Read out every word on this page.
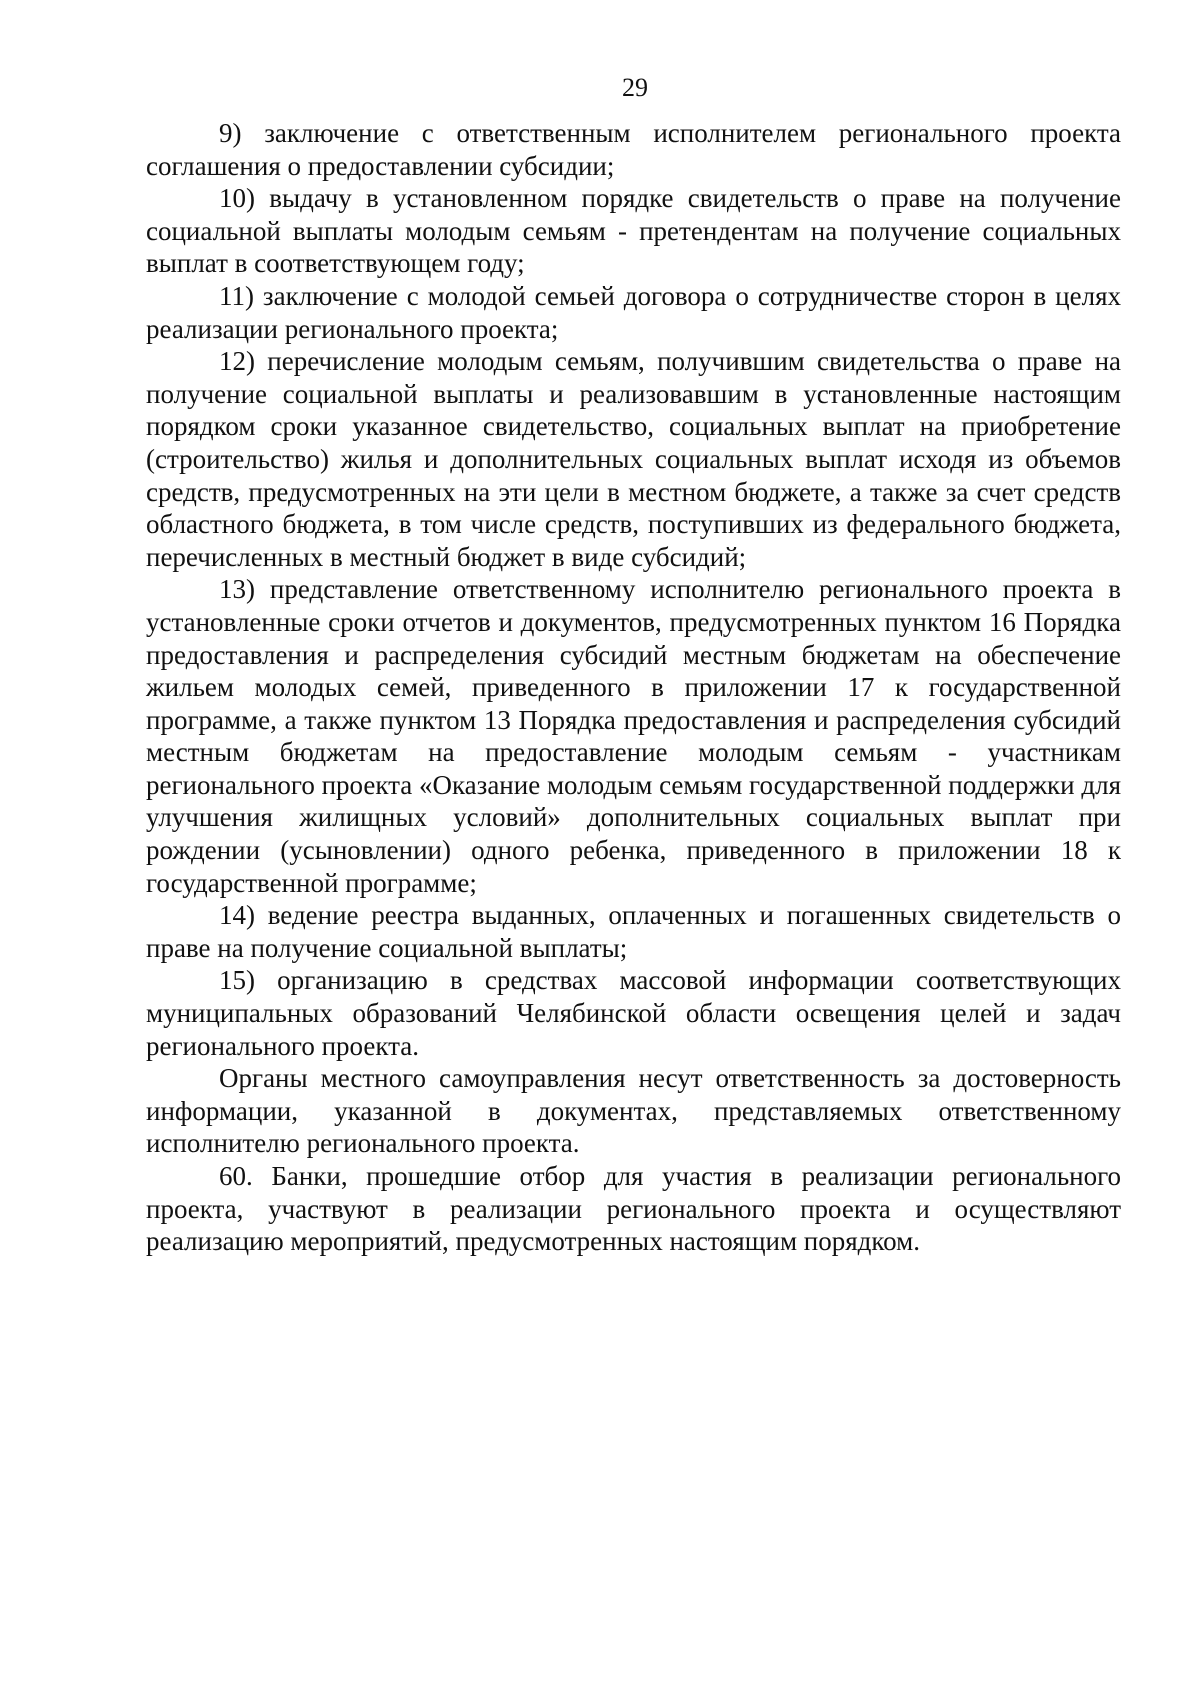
29

9) заключение с ответственным исполнителем регионального проекта соглашения о предоставлении субсидии;

10) выдачу в установленном порядке свидетельств о праве на получение социальной выплаты молодым семьям - претендентам на получение социальных выплат в соответствующем году;

11) заключение с молодой семьей договора о сотрудничестве сторон в целях реализации регионального проекта;

12) перечисление молодым семьям, получившим свидетельства о праве на получение социальной выплаты и реализовавшим в установленные настоящим порядком сроки указанное свидетельство, социальных выплат на приобретение (строительство) жилья и дополнительных социальных выплат исходя из объемов средств, предусмотренных на эти цели в местном бюджете, а также за счет средств областного бюджета, в том числе средств, поступивших из федерального бюджета, перечисленных в местный бюджет в виде субсидий;

13) представление ответственному исполнителю регионального проекта в установленные сроки отчетов и документов, предусмотренных пунктом 16 Порядка предоставления и распределения субсидий местным бюджетам на обеспечение жильем молодых семей, приведенного в приложении 17 к государственной программе, а также пунктом 13 Порядка предоставления и распределения субсидий местным бюджетам на предоставление молодым семьям - участникам регионального проекта «Оказание молодым семьям государственной поддержки для улучшения жилищных условий» дополнительных социальных выплат при рождении (усыновлении) одного ребенка, приведенного в приложении 18 к государственной программе;

14) ведение реестра выданных, оплаченных и погашенных свидетельств о праве на получение социальной выплаты;

15) организацию в средствах массовой информации соответствующих муниципальных образований Челябинской области освещения целей и задач регионального проекта.

Органы местного самоуправления несут ответственность за достоверность информации, указанной в документах, представляемых ответственному исполнителю регионального проекта.

60. Банки, прошедшие отбор для участия в реализации регионального проекта, участвуют в реализации регионального проекта и осуществляют реализацию мероприятий, предусмотренных настоящим порядком.
